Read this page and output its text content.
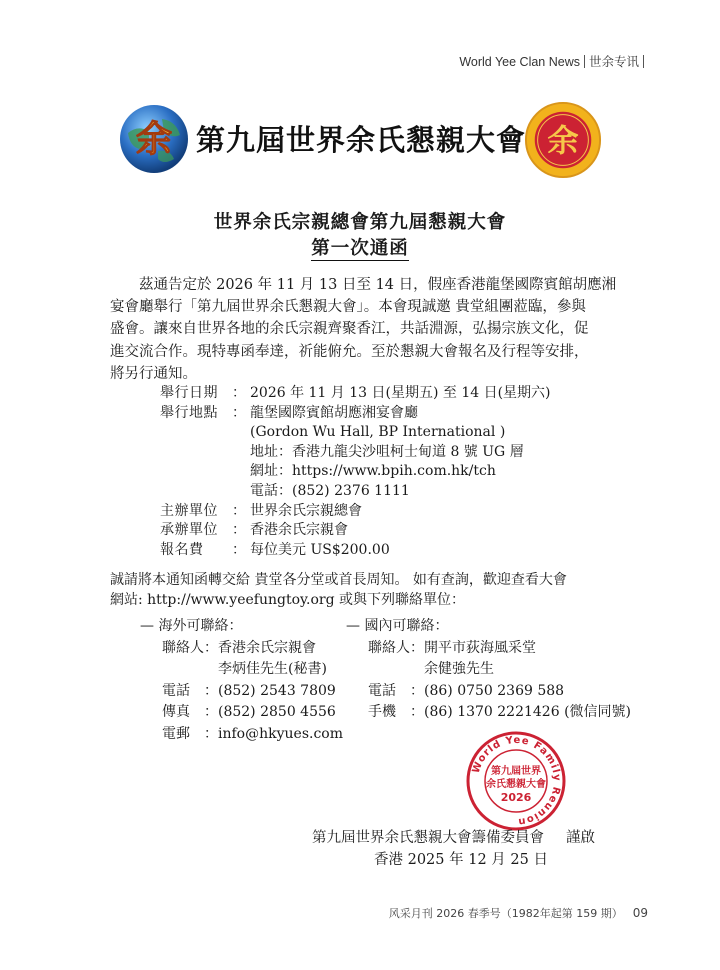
World Yee Clan News 世余专讯
余 第九屆世界余氏懇親大會 余
世界余氏宗親總會第九屆懇親大會
第一次通函

　　茲通告定於 2026 年 11 月 13 日至 14 日，假座香港龍堡國際賓館胡應湘

宴會廳舉行「第九屆世界余氏懇親大會」。本會現誠邀 貴堂組團蒞臨，參與

盛會。讓來自世界各地的余氏宗親齊聚香江，共話淵源，弘揚宗族文化，促

進交流合作。現特專函奉達，祈能俯允。至於懇親大會報名及行程等安排，

將另行通知。

舉行日期	： 2026 年 11 月 13 日(星期五) 至 14 日(星期六)
舉行地點	： 龍堡國際賓館胡應湘宴會廳
(Gordon Wu Hall, BP International )
地址：香港九龍尖沙咀柯士甸道 8 號 UG 層
網址：https://www.bpih.com.hk/tch
電話：(852) 2376 1111
主辦單位	： 世界余氏宗親總會
承辦單位	： 香港余氏宗親會
報名費	： 每位美元 US$200.00

誠請將本通知函轉交給 貴堂各分堂或首長周知。 如有查詢，歡迎查看大會

網站: http://www.yeefungtoy.org 或與下列聯絡單位：

— 海外可聯絡：

聯絡人：香港余氏宗親會

　　　　李炳佳先生(秘書)

電話　：(852) 2543 7809

傳真　：(852) 2850 4556

電郵　：info@hkyues.com

— 國內可聯絡：

聯絡人：開平市荻海風采堂

　　　　余健強先生

電話　：(86) 0750 2369 588

手機　：(86) 1370 2221426 (微信同號)

World Yee Family Reunion
第九屆世界
余氏懇親大會
2026
第九屆世界余氏懇親大會籌備委員會 謹啟
香港 2025 年 12 月 25 日
风采月刊 2026 春季号（1982年起第 159 期） 09
